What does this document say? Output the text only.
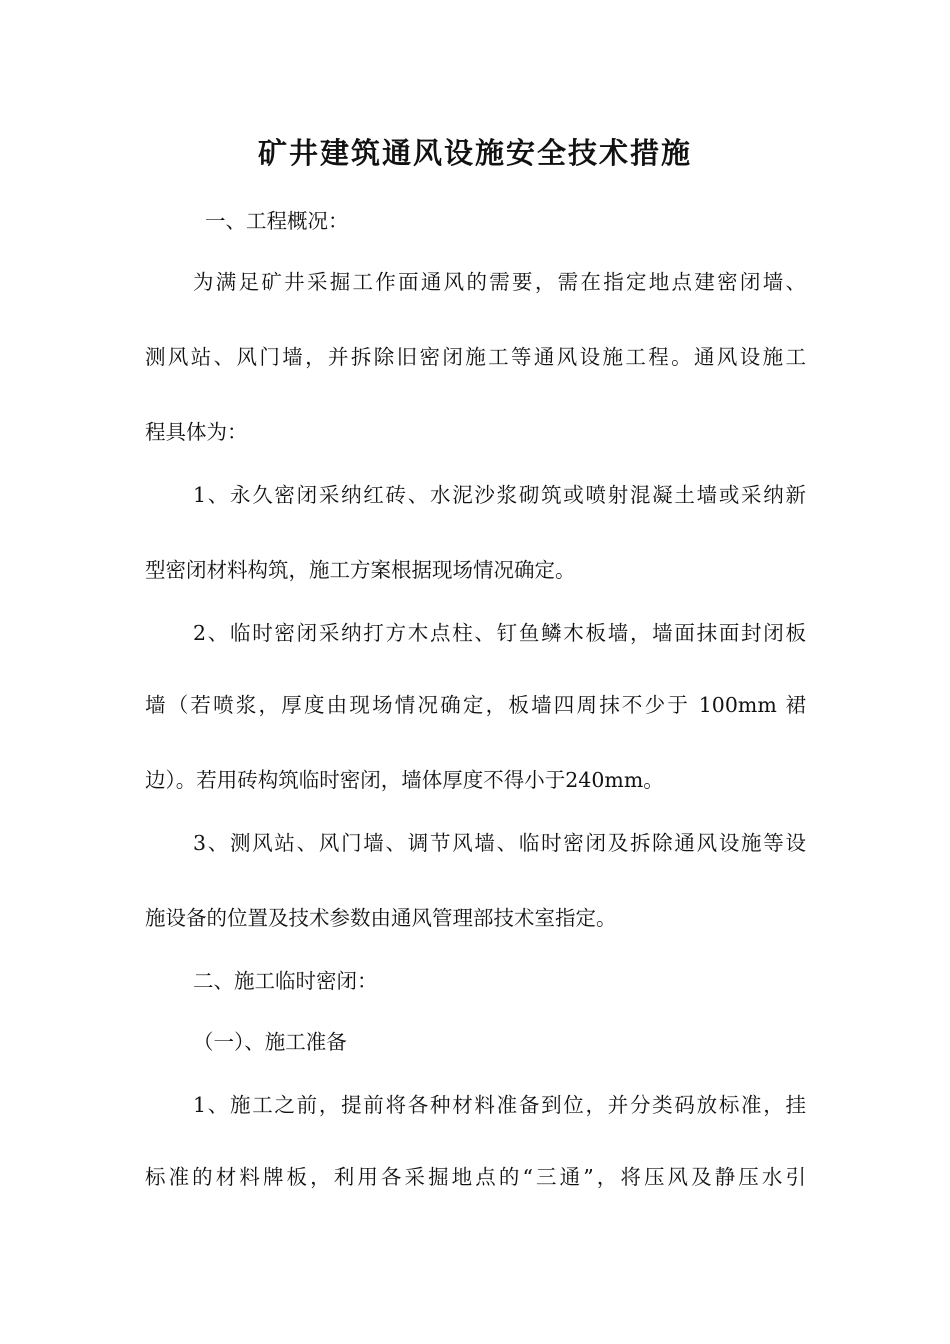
矿井建筑通风设施安全技术措施
一、工程概况：
为满足矿井采掘工作面通风的需要，需在指定地点建密闭墙、
测风站、风门墙，并拆除旧密闭施工等通风设施工程。通风设施工
程具体为：
1、永久密闭采纳红砖、水泥沙浆砌筑或喷射混凝土墙或采纳新
型密闭材料构筑，施工方案根据现场情况确定。
2、临时密闭采纳打方木点柱、钉鱼鳞木板墙，墙面抹面封闭板
墙（若喷浆，厚度由现场情况确定，板墙四周抹不少于 100mm 裙
边）。若用砖构筑临时密闭，墙体厚度不得小于240mm。
3、测风站、风门墙、调节风墙、临时密闭及拆除通风设施等设
施设备的位置及技术参数由通风管理部技术室指定。
二、施工临时密闭：
（一）、施工准备
1、施工之前，提前将各种材料准备到位，并分类码放标准，挂
标准的材料牌板，利用各采掘地点的“三通”，将压风及静压水引
